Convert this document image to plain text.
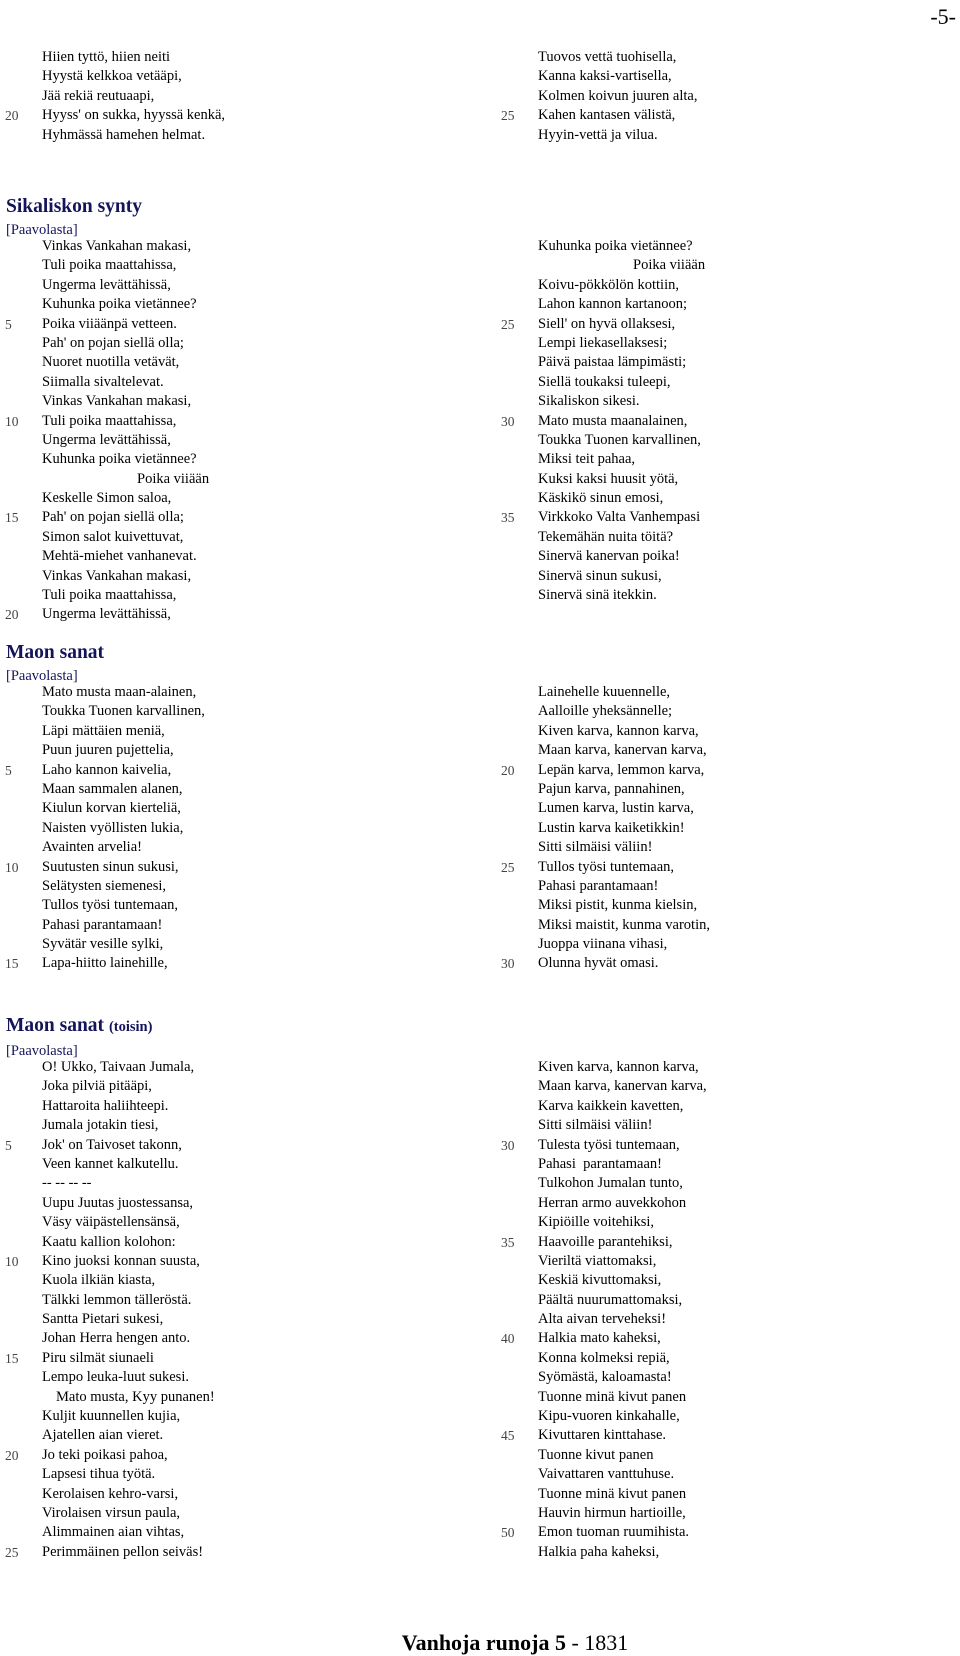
-5-
Hiien tyttö, hiien neiti
Hyystä kelkkoa vetääpi,
Jää rekiä reutuaapi,
20	Hyyss' on sukka, hyyssä kenkä,
Hyhmässä hamehen helmat.
Tuovos vettä tuohisella,
Kanna kaksi-vartisella,
Kolmen koivun juuren alta,
25	Kahen kantasen välistä,
Hyyin-vettä ja vilua.
Sikaliskon synty
[Paavolasta]
Vinkas Vankahan makasi,
Tuli poika maattahissa,
Ungerma levättähissä,
Kuhunka poika vietännee?
5	Poika viiäänpä vetteen.
Pah' on pojan siellä olla;
Nuoret nuotilla vetävät,
Siimalla sivaltelevat.
Vinkas Vankahan makasi,
10	Tuli poika maattahissa,
Ungerma levättähissä,
Kuhunka poika vietännee?
Poika viiään
Keskelle Simon saloa,
15	Pah' on pojan siellä olla;
Simon salot kuivettuvat,
Mehtä-miehet vanhanevat.
Vinkas Vankahan makasi,
Tuli poika maattahissa,
20	Ungerma levättähissä,
Kuhunka poika vietännee?
Poika viiään
Koivu-pökkölön kottiin,
Lahon kannon kartanoon;
25	Siell' on hyvä ollaksesi,
Lempi liekasellaksesi;
Päivä paistaa lämpimästi;
Siellä toukaksi tuleepi,
Sikaliskon sikesi.
30	Mato musta maanalainen,
Toukka Tuonen karvallinen,
Miksi teit pahaa,
Kuksi kaksi huusit yötä,
Käskikö sinun emosi,
35	Virkkoko Valta Vanhempasi
Tekemähän nuita töitä?
Sinervä kanervan poika!
Sinervä sinun sukusi,
Sinervä sinä itekkin.
Maon sanat
[Paavolasta]
Mato musta maan-alainen,
Toukka Tuonen karvallinen,
Läpi mättäien meniä,
Puun juuren pujettelia,
5	Laho kannon kaivelia,
Maan sammalen alanen,
Kiulun korvan kierteliä,
Naisten vyöllisten lukia,
Avainten arvelia!
10	Suutusten sinun sukusi,
Selätysten siemenesi,
Tullos työsi tuntemaan,
Pahasi parantamaan!
Syvätär vesille sylki,
15	Lapa-hiitto lainehille,
Lainehelle kuuennelle,
Aalloille yheksännelle;
Kiven karva, kannon karva,
Maan karva, kanervan karva,
20	Lepän karva, lemmon karva,
Pajun karva, pannahinen,
Lumen karva, lustin karva,
Lustin karva kaiketikkin!
Sitti silmäisi väliin!
25	Tullos työsi tuntemaan,
Pahasi parantamaan!
Miksi pistit, kunma kielsin,
Miksi maistit, kunma varotin,
Juoppa viinana vihasi,
30	Olunna hyvät omasi.
Maon sanat (toisin)
[Paavolasta]
O! Ukko, Taivaan Jumala,
Joka pilviä pitääpi,
Hattaroita haliihteepi.
Jumala jotakin tiesi,
5	Jok' on Taivoset takonn,
Veen kannet kalkutellu.
-- -- -- --
Uupu Juutas juostessansa,
Väsy väipästellensänsä,
Kaatu kallion kolohon:
10	Kino juoksi konnan suusta,
Kuola ilkiän kiasta,
Tälkki lemmon tälleröstä.
Santta Pietari sukesi,
Johan Herra hengen anto.
15	Piru silmät siunaeli
Lempo leuka-luut sukesi.
Mato musta, Kyy punanen!
Kuljit kuunnellen kujia,
Ajatellen aian vieret.
20	Jo teki poikasi pahoa,
Lapsesi tihua työtä.
Kerolaisen kehro-varsi,
Virolaisen virsun paula,
Alimmainen aian vihtas,
25	Perimmäinen pellon seiväs!
Kiven karva, kannon karva,
Maan karva, kanervan karva,
Karva kaikkein kavetten,
Sitti silmäisi väliin!
30	Tulesta työsi tuntemaan,
Pahasi  parantamaan!
Tulkohon Jumalan tunto,
Herran armo auvekkohon
Kipiöille voitehiksi,
35	Haavoille parantehiksi,
Vieriltä viattomaksi,
Keskiä kivuttomaksi,
Päältä nuurumattomaksi,
Alta aivan terveheksi!
40	Halkia mato kaheksi,
Konna kolmeksi repiä,
Syömästä, kaloamasta!
Tuonne minä kivut panen
Kipu-vuoren kinkahalle,
45	Kivuttaren kinttahase.
Tuonne kivut panen
Vaivattaren vanttuhuse.
Tuonne minä kivut panen
Hauvin hirmun hartioille,
50	Emon tuoman ruumihista.
Halkia paha kaheksi,
Vanhoja runoja 5 - 1831
